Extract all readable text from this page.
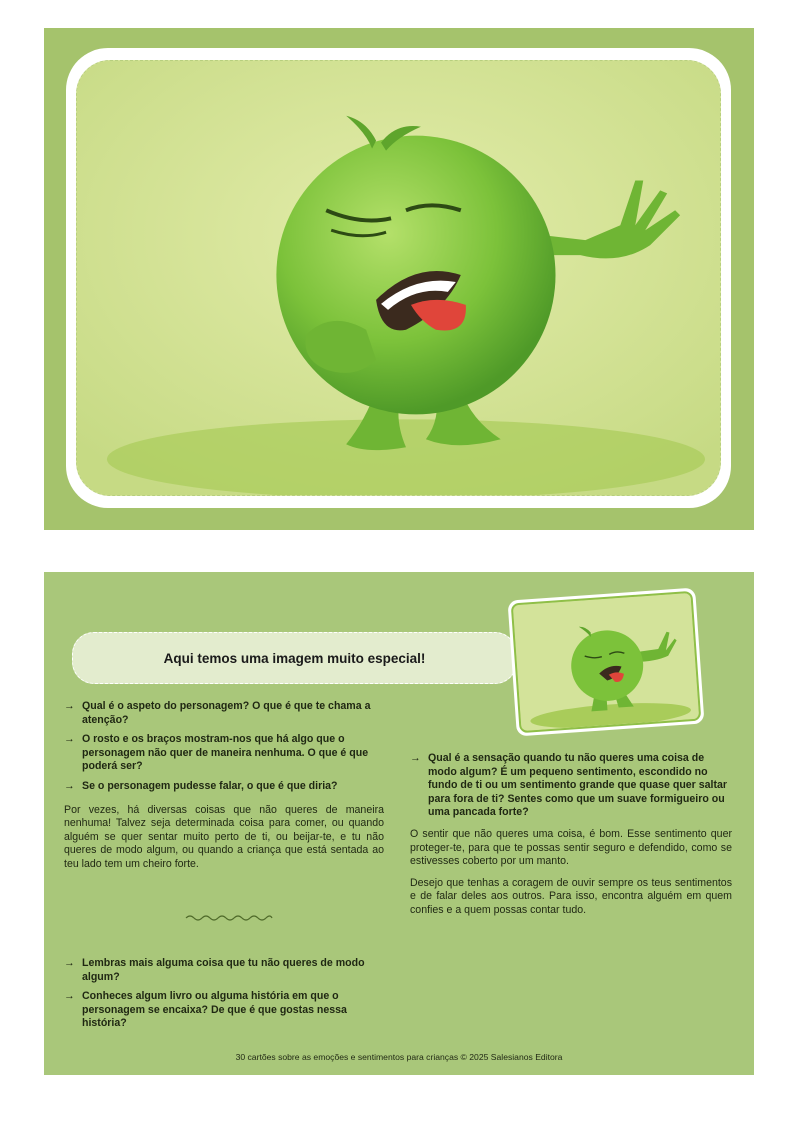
Aqui temos uma imagem muito especial!
→ Qual é o aspeto do personagem? O que é que te chama a atenção?
→ O rosto e os braços mostram-nos que há algo que o personagem não quer de maneira nenhuma. O que é que poderá ser?
→ Se o personagem pudesse falar, o que é que diria?

Por vezes, há diversas coisas que não queres de maneira nenhuma! Talvez seja determinada coisa para comer, ou quando alguém se quer sentar muito perto de ti, ou beijar-te, e tu não queres de modo algum, ou quando a criança que está sentada ao teu lado tem um cheiro forte.

→ Lembras mais alguma coisa que tu não queres de modo algum?
→ Conheces algum livro ou alguma história em que o personagem se encaixa? De que é que gostas nessa história?
→ Qual é a sensação quando tu não queres uma coisa de modo algum? É um pequeno sentimento, escondido no fundo de ti ou um sentimento grande que quase quer saltar para fora de ti? Sentes como que um suave formigueiro ou uma pancada forte?

O sentir que não queres uma coisa, é bom. Esse sentimento quer proteger-te, para que te possas sentir seguro e defendido, como se estivesses coberto por um manto.

Desejo que tenhas a coragem de ouvir sempre os teus sentimentos e de falar deles aos outros. Para isso, encontra alguém em quem confies e a quem possas contar tudo.

30 cartões sobre as emoções e sentimentos para crianças © 2025 Salesianos Editora
